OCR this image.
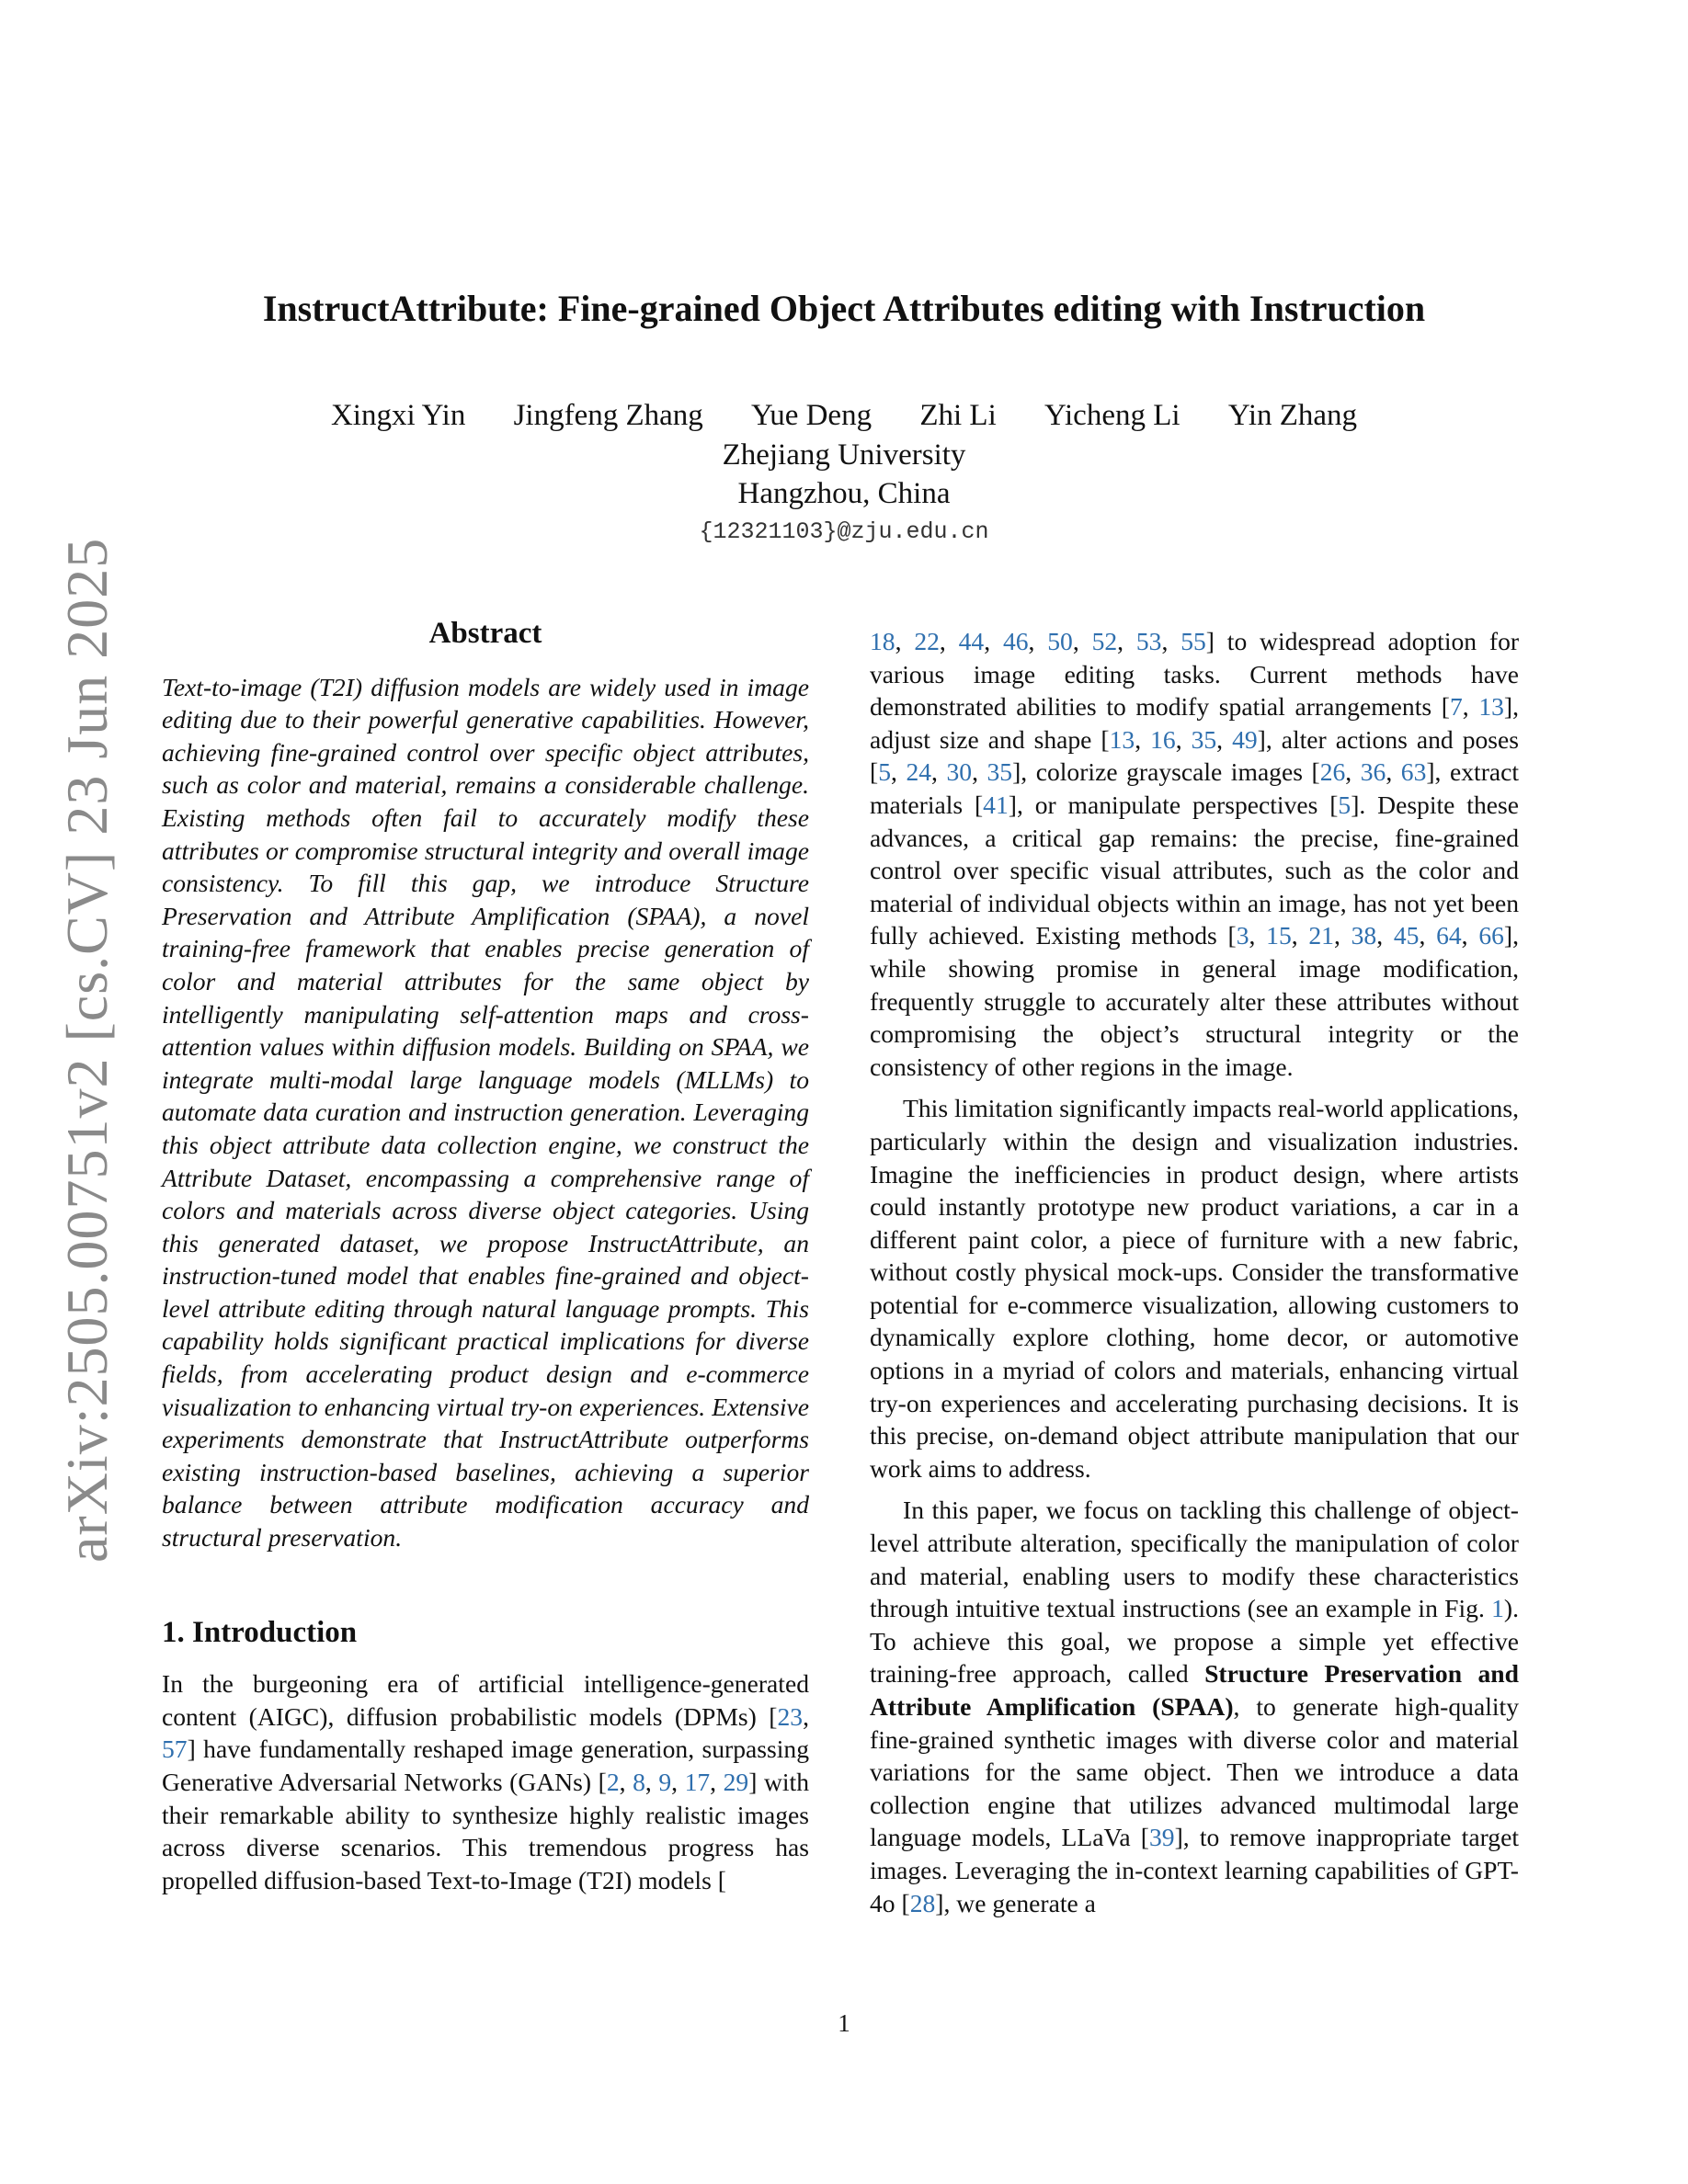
InstructAttribute: Fine-grained Object Attributes editing with Instruction
Xingxi Yin Jingfeng Zhang Yue Deng Zhi Li Yicheng Li Yin Zhang
Zhejiang University
Hangzhou, China
{12321103}@zju.edu.cn
arXiv:2505.00751v2 [cs.CV] 23 Jun 2025	Abstract

Text-to-image (T2I) diffusion models are widely used in image editing due to their powerful generative capabilities. However, achieving fine-grained control over specific object attributes, such as color and material, remains a considerable challenge. Existing methods often fail to accurately modify these attributes or compromise structural integrity and overall image consistency. To fill this gap, we introduce Structure Preservation and Attribute Amplification (SPAA), a novel training-free framework that enables precise generation of color and material attributes for the same object by intelligently manipulating self-attention maps and cross-attention values within diffusion models. Building on SPAA, we integrate multi-modal large language models (MLLMs) to automate data curation and instruction generation. Leveraging this object attribute data collection engine, we construct the Attribute Dataset, encompassing a comprehensive range of colors and materials across diverse object categories. Using this generated dataset, we propose InstructAttribute, an instruction-tuned model that enables fine-grained and object-level attribute editing through natural language prompts. This capability holds significant practical implications for diverse fields, from accelerating product design and e-commerce visualization to enhancing virtual try-on experiences. Extensive experiments demonstrate that InstructAttribute outperforms existing instruction-based baselines, achieving a superior balance between attribute modification accuracy and structural preservation.

1. Introduction

In the burgeoning era of artificial intelligence-generated content (AIGC), diffusion probabilistic models (DPMs) [23, 57] have fundamentally reshaped image generation, surpassing Generative Adversarial Networks (GANs) [2, 8, 9, 17, 29] with their remarkable ability to synthesize highly realistic images across diverse scenarios. This tremendous progress has propelled diffusion-based Text-to-Image (T2I) models [

18, 22, 44, 46, 50, 52, 53, 55] to widespread adoption for various image editing tasks. Current methods have demonstrated abilities to modify spatial arrangements [7, 13], adjust size and shape [13, 16, 35, 49], alter actions and poses [5, 24, 30, 35], colorize grayscale images [26, 36, 63], extract materials [41], or manipulate perspectives [5]. Despite these advances, a critical gap remains: the precise, fine-grained control over specific visual attributes, such as the color and material of individual objects within an image, has not yet been fully achieved. Existing methods [3, 15, 21, 38, 45, 64, 66], while showing promise in general image modification, frequently struggle to accurately alter these attributes without compromising the object’s structural integrity or the consistency of other regions in the image.

This limitation significantly impacts real-world applications, particularly within the design and visualization industries. Imagine the inefficiencies in product design, where artists could instantly prototype new product variations, a car in a different paint color, a piece of furniture with a new fabric, without costly physical mock-ups. Consider the transformative potential for e-commerce visualization, allowing customers to dynamically explore clothing, home decor, or automotive options in a myriad of colors and materials, enhancing virtual try-on experiences and accelerating purchasing decisions. It is this precise, on-demand object attribute manipulation that our work aims to address.

In this paper, we focus on tackling this challenge of object-level attribute alteration, specifically the manipulation of color and material, enabling users to modify these characteristics through intuitive textual instructions (see an example in Fig. 1). To achieve this goal, we propose a simple yet effective training-free approach, called Structure Preservation and Attribute Amplification (SPAA), to generate high-quality fine-grained synthetic images with diverse color and material variations for the same object. Then we introduce a data collection engine that utilizes advanced multimodal large language models, LLaVa [39], to remove inappropriate target images. Leveraging the in-context learning capabilities of GPT-4o [28], we generate a

1
